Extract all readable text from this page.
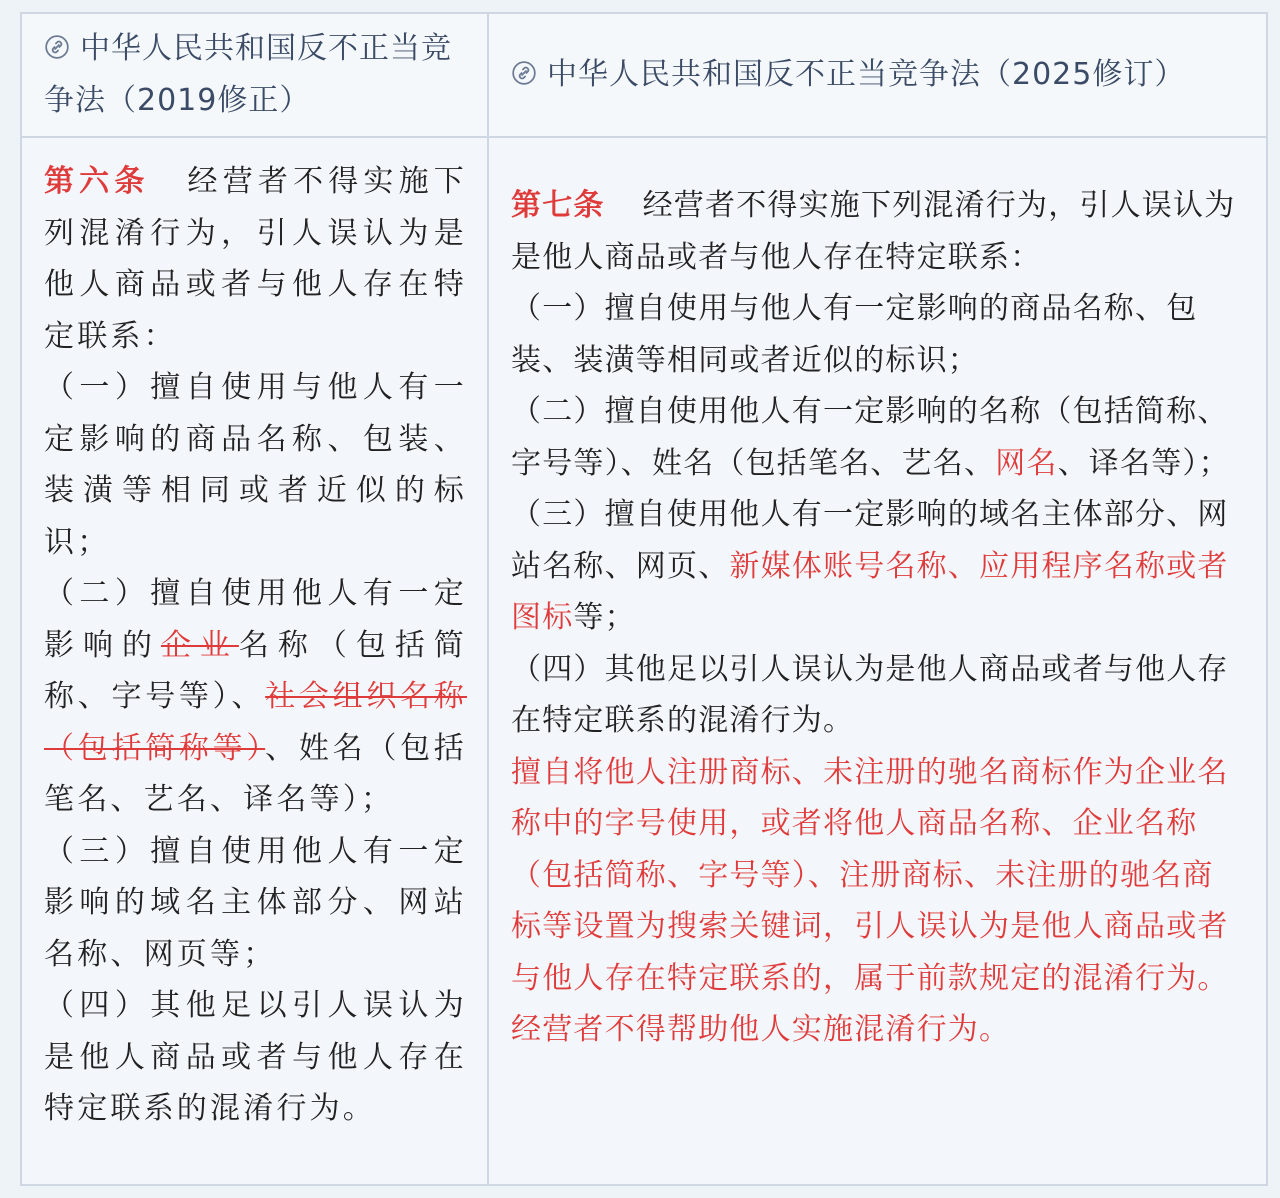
中华人民共和国反不正当竞争法（2019修正）
中华人民共和国反不正当竞争法（2025修订）

第六条 经营者不得实施下列混淆行为，引人误认为是他人商品或者与他人存在特定联系：

（一）擅自使用与他人有一定影响的商品名称、包装、装潢等相同或者近似的标识；

（二）擅自使用他人有一定影响的企业名称（包括简称、字号等）、社会组织名称（包括简称等）、姓名（包括笔名、艺名、译名等）；

（三）擅自使用他人有一定影响的域名主体部分、网站名称、网页等；

（四）其他足以引人误认为是他人商品或者与他人存在特定联系的混淆行为。

第七条 经营者不得实施下列混淆行为，引人误认为是他人商品或者与他人存在特定联系：

（一）擅自使用与他人有一定影响的商品名称、包装、装潢等相同或者近似的标识；

（二）擅自使用他人有一定影响的名称（包括简称、字号等）、姓名（包括笔名、艺名、网名、译名等）；

（三）擅自使用他人有一定影响的域名主体部分、网站名称、网页、新媒体账号名称、应用程序名称或者图标等；

（四）其他足以引人误认为是他人商品或者与他人存在特定联系的混淆行为。

擅自将他人注册商标、未注册的驰名商标作为企业名称中的字号使用，或者将他人商品名称、企业名称（包括简称、字号等）、注册商标、未注册的驰名商标等设置为搜索关键词，引人误认为是他人商品或者与他人存在特定联系的，属于前款规定的混淆行为。

经营者不得帮助他人实施混淆行为。
